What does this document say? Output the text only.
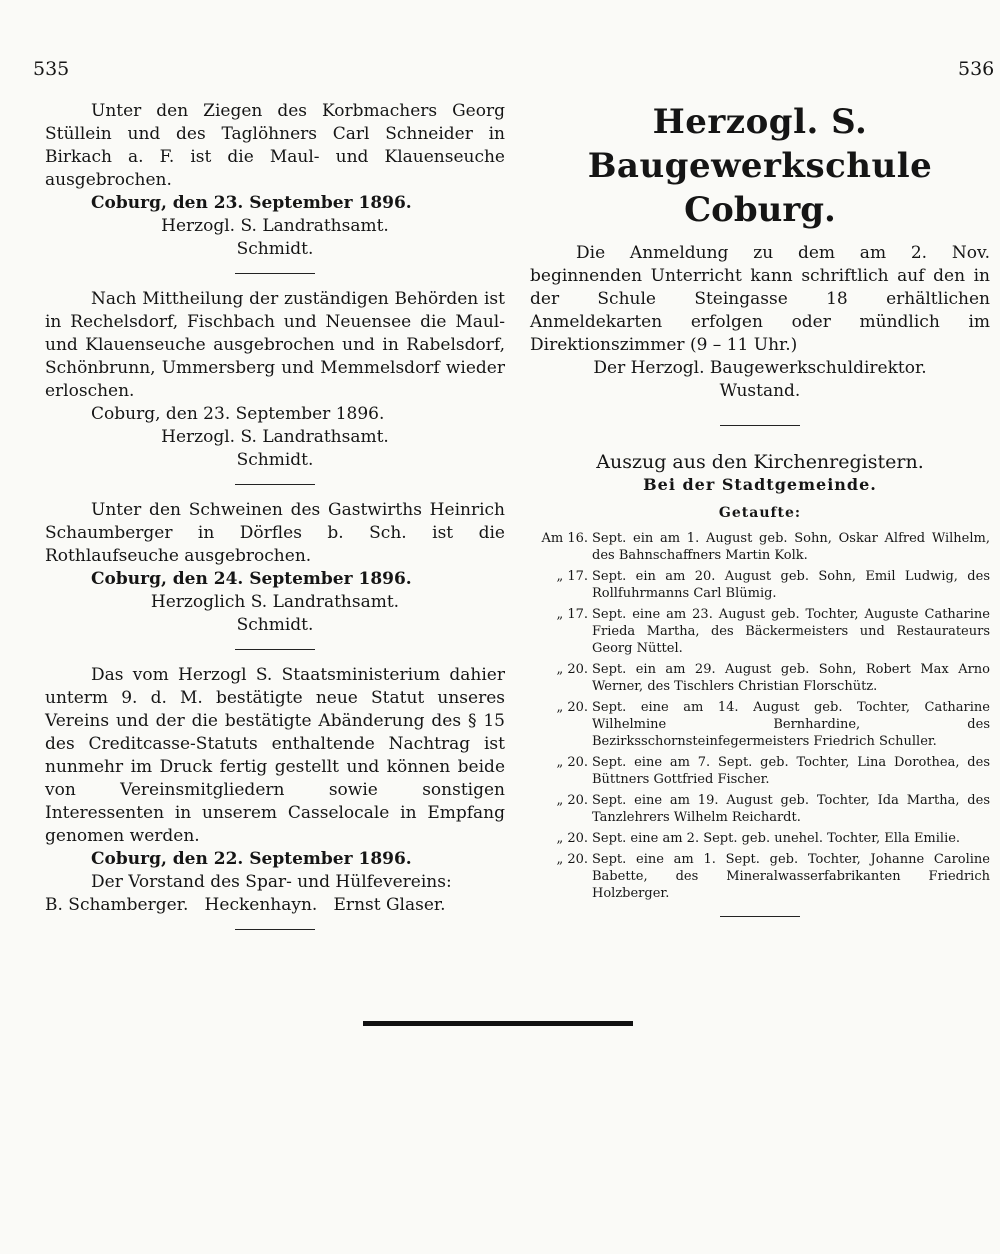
535	536
Unter den Ziegen des Korbmachers Georg Stüllein und des Taglöhners Carl Schneider in Birkach a. F. ist die Maul- und Klauenseuche ausgebrochen.
Coburg, den 23. September 1896.
Herzogl. S. Landrathsamt.
Schmidt.
Nach Mittheilung der zuständigen Behörden ist in Rechelsdorf, Fischbach und Neuensee die Maul- und Klauenseuche ausgebrochen und in Rabelsdorf, Schönbrunn, Ummersberg und Memmelsdorf wieder erloschen.
Coburg, den 23. September 1896.
Herzogl. S. Landrathsamt.
Schmidt.
Unter den Schweinen des Gastwirths Heinrich Schaumberger in Dörfles b. Sch. ist die Rothlaufseuche ausgebrochen.
Coburg, den 24. September 1896.
Herzoglich S. Landrathsamt.
Schmidt.
Das vom Herzogl S. Staatsministerium dahier unterm 9. d. M. bestätigte neue Statut unseres Vereins und der die bestätigte Abänderung des § 15 des Creditcasse-Statuts enthaltende Nachtrag ist nunmehr im Druck fertig gestellt und können beide von Vereinsmitgliedern sowie sonstigen Interessenten in unserem Casselocale in Empfang genomen werden.
Coburg, den 22. September 1896.
Der Vorstand des Spar- und Hülfevereins:
B. Schamberger.   Heckenhayn.   Ernst Glaser.
Herzogl. S. Baugewerkschule
Coburg.
Die Anmeldung zu dem am 2. Nov. beginnenden Unterricht kann schriftlich auf den in der Schule Steingasse 18 erhältlichen Anmeldekarten erfolgen oder mündlich im Direktionszimmer (9 – 11 Uhr.)
Der Herzogl. Baugewerkschuldirektor.
Wustand.
Auszug aus den Kirchenregistern.
Bei der Stadtgemeinde.
Getaufte:
Am 16. Sept. ein am 1. August geb. Sohn, Oskar Alfred Wilhelm, des Bahnschaffners Martin Kolk.
„ 17. Sept. ein am 20. August geb. Sohn, Emil Ludwig, des Rollfuhrmanns Carl Blümig.
„ 17. Sept. eine am 23. August geb. Tochter, Auguste Catharine Frieda Martha, des Bäckermeisters und Restaurateurs Georg Nüttel.
„ 20. Sept. ein am 29. August geb. Sohn, Robert Max Arno Werner, des Tischlers Christian Florschütz.
„ 20. Sept. eine am 14. August geb. Tochter, Catharine Wilhelmine Bernhardine, des Bezirksschornsteinfegermeisters Friedrich Schuller.
„ 20. Sept. eine am 7. Sept. geb. Tochter, Lina Dorothea, des Büttners Gottfried Fischer.
„ 20. Sept. eine am 19. August geb. Tochter, Ida Martha, des Tanzlehrers Wilhelm Reichardt.
„ 20. Sept. eine am 2. Sept. geb. unehel. Tochter, Ella Emilie.
„ 20. Sept. eine am 1. Sept. geb. Tochter, Johanne Caroline Babette, des Mineralwasserfabrikanten Friedrich Holzberger.
